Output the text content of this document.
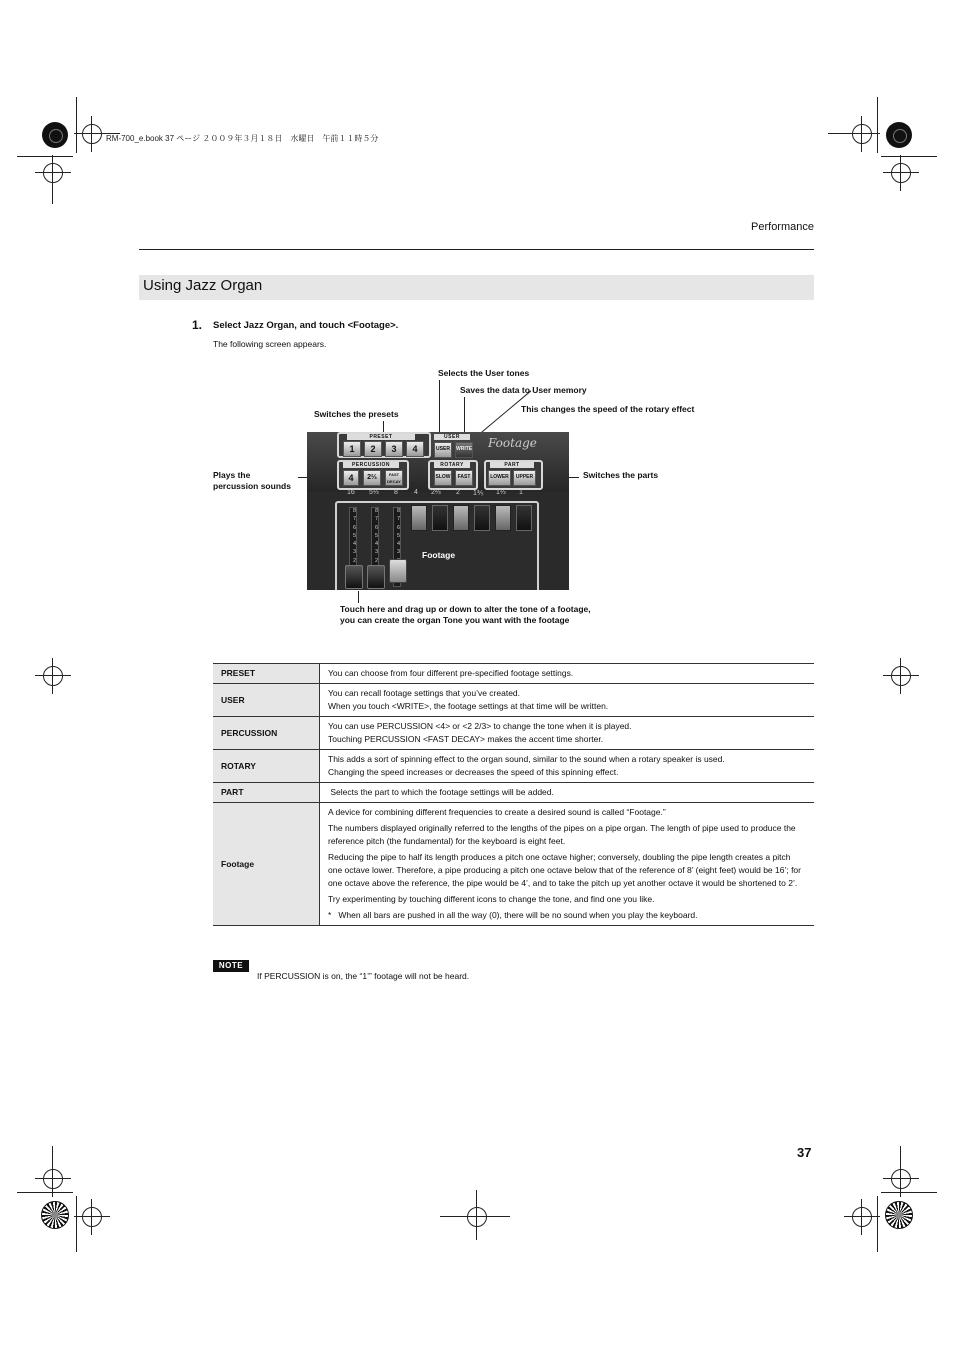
RM-700_e.book 37 ページ ２００９年３月１８日　水曜日　午前１１時５分
Performance
Using Jazz Organ
1. Select Jazz Organ, and touch <Footage>.
The following screen appears.
Selects the User tones
Saves the data to User memory
This changes the speed of the rotary effect
Switches the presets
Plays the
percussion sounds
Switches the parts
Touch here and drag up or down to alter the tone of a footage,
you can create the organ Tone you want with the footage
Footage
PRESET
1	2	3	4
USER
USER	WRITE
PERCUSSION
4	2⅔	FAST DECAY
ROTARY
SLOW	FAST
PART
LOWER	UPPER
16 5⅓ 8 4 2⅔ 2 1⅗ 1⅓ 1
8
7
6
5
4
3
2
8
7
6
5
4
3
2
8
7
6
5
4
3	Footage
PRESET	You can choose from four different pre-specified footage settings.

USER	You can recall footage settings that you’ve created.

When you touch <WRITE>, the footage settings at that time will be written.

PERCUSSION	You can use PERCUSSION <4> or <2 2/3> to change the tone when it is played.

Touching PERCUSSION <FAST DECAY> makes the accent time shorter.

ROTARY	This adds a sort of spinning effect to the organ sound, similar to the sound when a rotary speaker is used.

Changing the speed increases or decreases the speed of this spinning effect.

PART	Selects the part to which the footage settings will be added.

Footage	A device for combining different frequencies to create a desired sound is called “Footage.”

The numbers displayed originally referred to the lengths of the pipes on a pipe organ. The length of pipe used to produce the reference pitch (the fundamental) for the keyboard is eight feet.

Reducing the pipe to half its length produces a pitch one octave higher; conversely, doubling the pipe length creates a pitch one octave lower. Therefore, a pipe producing a pitch one octave below that of the reference of 8’ (eight feet) would be 16’; for one octave above the reference, the pipe would be 4’, and to take the pitch up yet another octave it would be shortened to 2’.

Try experimenting by touching different icons to change the tone, and find one you like.

*   When all bars are pushed in all the way (0), there will be no sound when you play the keyboard.

NOTE
If PERCUSSION is on, the “1’” footage will not be heard.
37
